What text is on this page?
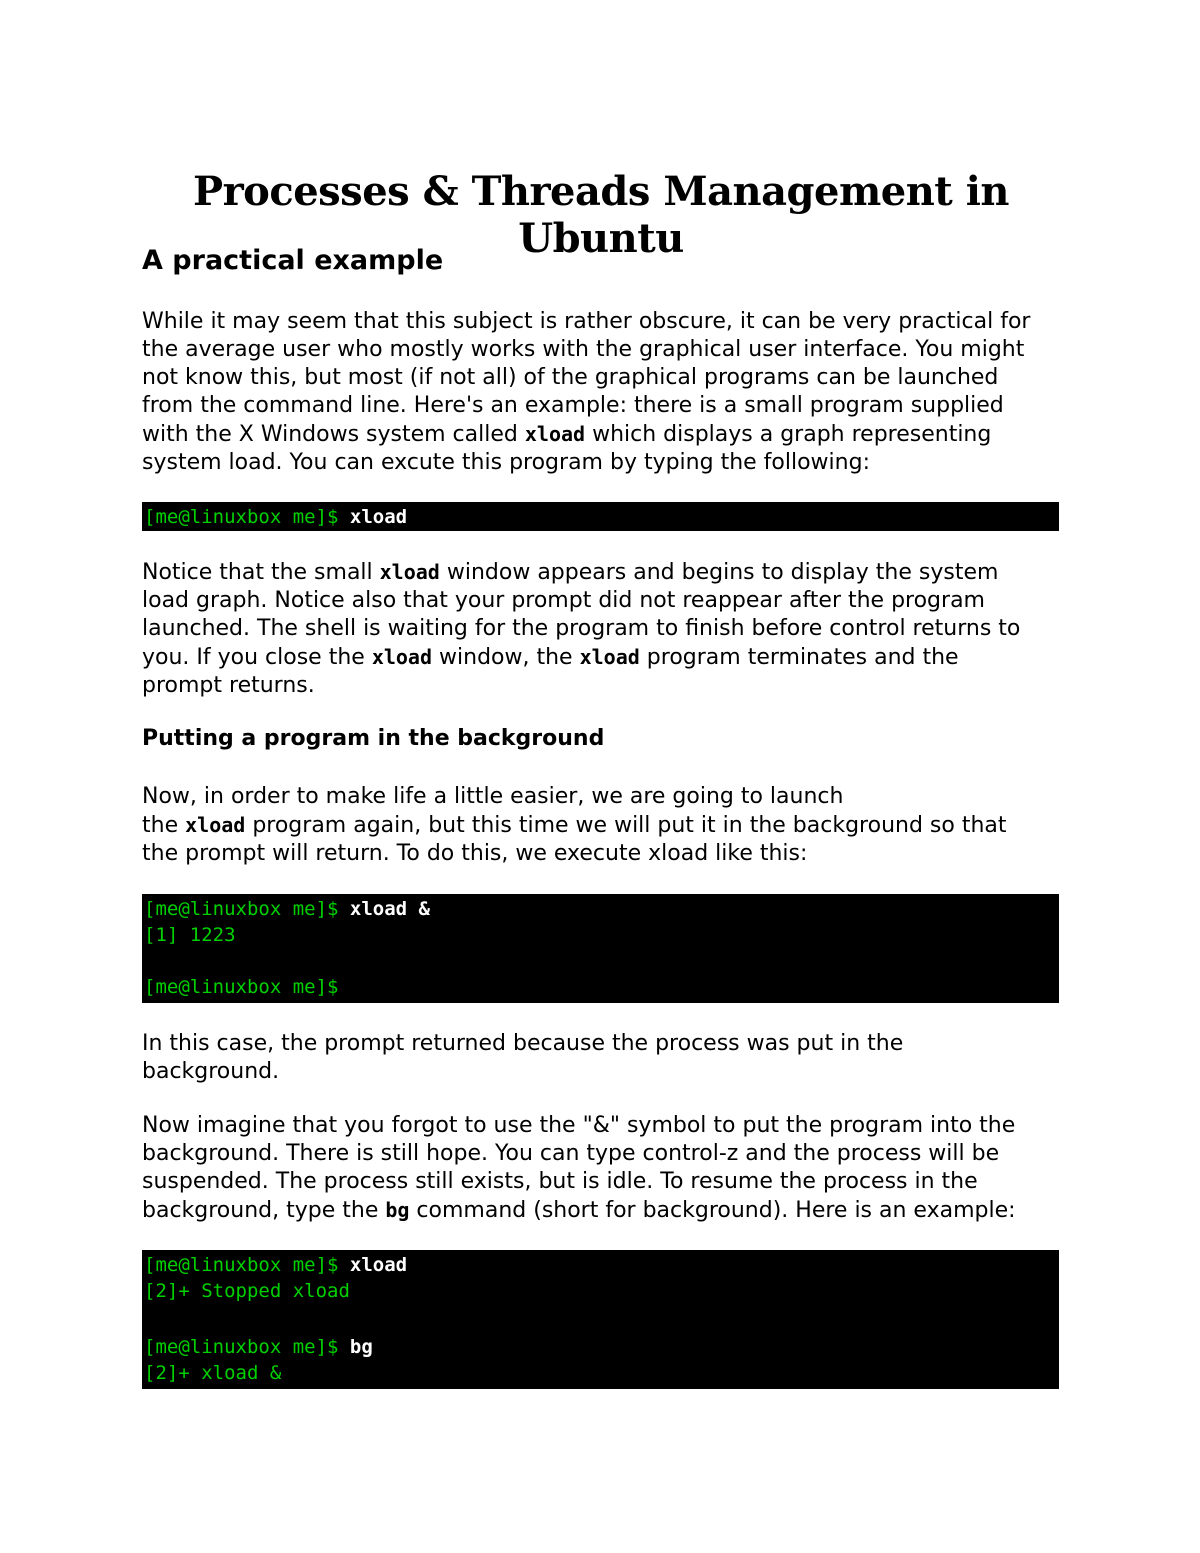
Processes & Threads Management in Ubuntu
A practical example
While it may seem that this subject is rather obscure, it can be very practical for
the average user who mostly works with the graphical user interface. You might
not know this, but most (if not all) of the graphical programs can be launched
from the command line. Here's an example: there is a small program supplied
with the X Windows system called xload which displays a graph representing
system load. You can excute this program by typing the following:
[me@linuxbox me]$ xload
Notice that the small xload window appears and begins to display the system
load graph. Notice also that your prompt did not reappear after the program
launched. The shell is waiting for the program to finish before control returns to
you. If you close the xload window, the xload program terminates and the
prompt returns.
Putting a program in the background
Now, in order to make life a little easier, we are going to launch
the xload program again, but this time we will put it in the background so that
the prompt will return. To do this, we execute xload like this:
[me@linuxbox me]$ xload &
[1] 1223
[me@linuxbox me]$
In this case, the prompt returned because the process was put in the
background.
Now imagine that you forgot to use the "&" symbol to put the program into the
background. There is still hope. You can type control-z and the process will be
suspended. The process still exists, but is idle. To resume the process in the
background, type the bg command (short for background). Here is an example:
[me@linuxbox me]$ xload
[2]+ Stopped xload
[me@linuxbox me]$ bg
[2]+ xload &
